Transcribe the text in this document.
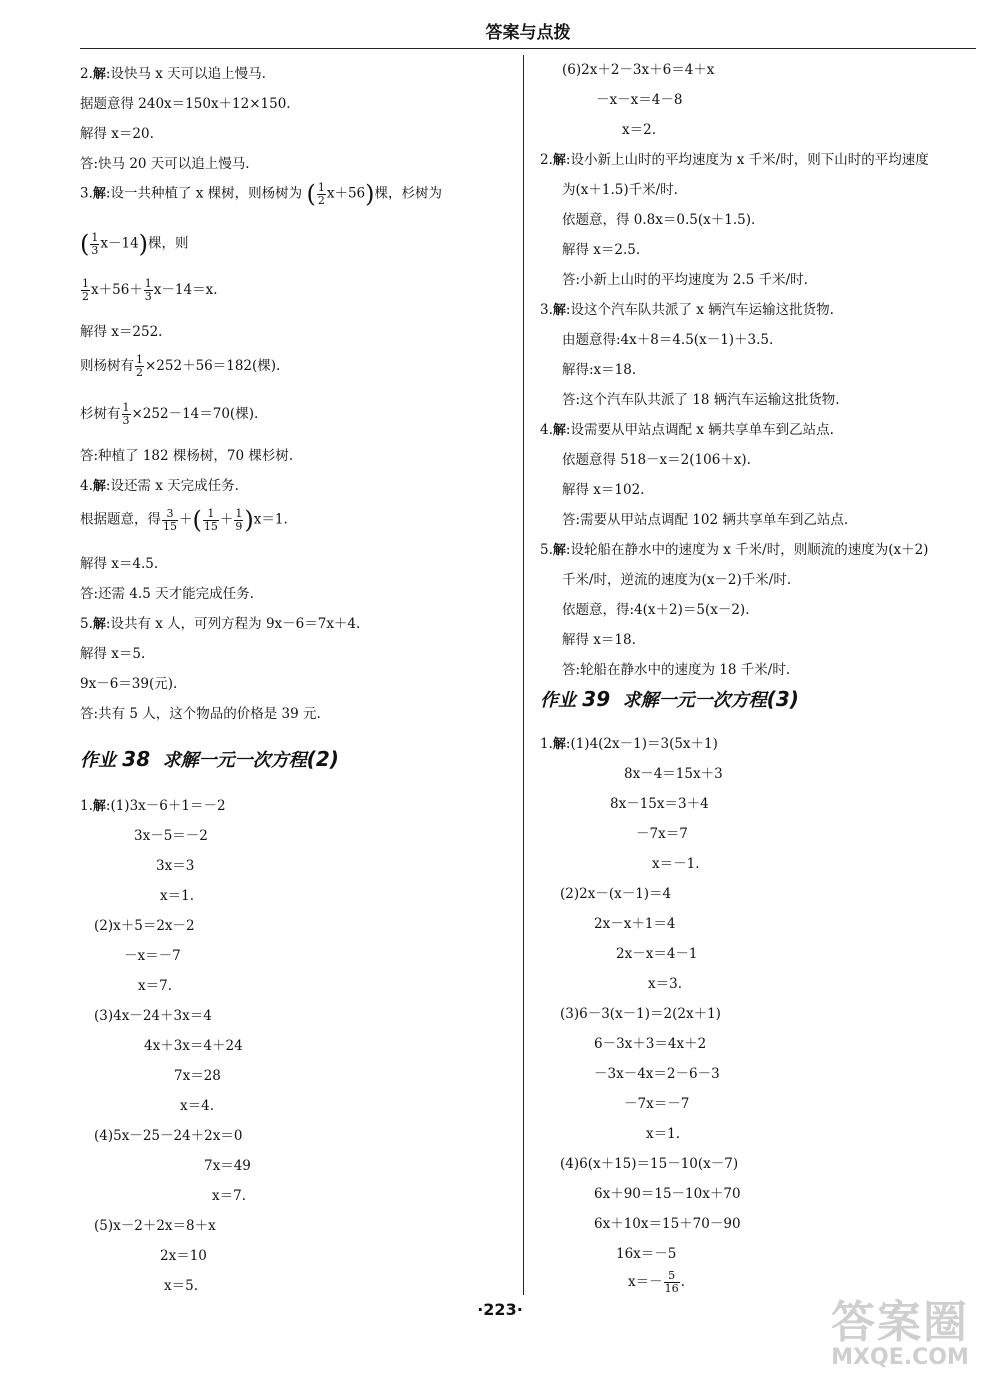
答案与点拨
2.解:设快马 x 天可以追上慢马.
据题意得 240x＝150x＋12×150.
解得 x＝20.
答:快马 20 天可以追上慢马.
3.解:设一共种植了 x 棵树，则杨树为 ( $\frac{1}{2} x+56$)棵，杉树为
( $\frac{1}{3} x-14$)棵，则
$\frac{1}{2} x+56+ \frac{1}{3} x-14=x$.
解得 x＝252.
则杨树有 $\frac{1}{2} \times 252+56=182$(棵).
杉树有 $\frac{1}{3} \times 252-14=70$(棵).
答:种植了 182 棵杨树，70 棵杉树.
4.解:设还需 x 天完成任务.
根据题意，得 $\frac{3}{15}$ ＋( $\frac{1}{15} + \frac{1}{9} )x=1$.
解得 x＝4.5.
答:还需 4.5 天才能完成任务.
5.解:设共有 x 人，可列方程为 9x－6＝7x＋4.
解得 x＝5.
9x－6＝39(元).
答:共有 5 人，这个物品的价格是 39 元.
作业 38 求解一元一次方程(2)
1.解:(1)3x－6＋1＝－2
3x－5＝－2
3x＝3
x＝1.
(2)x＋5＝2x－2
－x＝－7
x＝7.
(3)4x－24＋3x＝4
4x＋3x＝4＋24
7x＝28
x＝4.
(4)5x－25－24＋2x＝0
7x＝49
x＝7.
(5)x－2＋2x＝8＋x
2x＝10
x＝5.
(6)2x＋2－3x＋6＝4＋x
－x－x＝4－8
x＝2.
2.解:设小新上山时的平均速度为 x 千米/时，则下山时的平均速度
为(x＋1.5)千米/时.
依题意，得 0.8x＝0.5(x＋1.5).
解得 x＝2.5.
答:小新上山时的平均速度为 2.5 千米/时.
3.解:设这个汽车队共派了 x 辆汽车运输这批货物.
由题意得:4x＋8＝4.5(x－1)＋3.5.
解得:x＝18.
答:这个汽车队共派了 18 辆汽车运输这批货物.
4.解:设需要从甲站点调配 x 辆共享单车到乙站点.
依题意得 518－x＝2(106＋x).
解得 x＝102.
答:需要从甲站点调配 102 辆共享单车到乙站点.
5.解:设轮船在静水中的速度为 x 千米/时，则顺流的速度为(x＋2)
千米/时，逆流的速度为(x－2)千米/时.
依题意，得:4(x＋2)＝5(x－2).
解得 x＝18.
答:轮船在静水中的速度为 18 千米/时.
作业 39 求解一元一次方程(3)
1.解:(1)4(2x－1)＝3(5x＋1)
8x－4＝15x＋3
8x－15x＝3＋4
－7x＝7
x＝－1.
(2)2x－(x－1)＝4
2x－x＋1＝4
2x－x＝4－1
x＝3.
(3)6－3(x－1)＝2(2x＋1)
6－3x＋3＝4x＋2
－3x－4x＝2－6－3
－7x＝－7
x＝1.
(4)6(x＋15)＝15－10(x－7)
6x＋90＝15－10x＋70
6x＋10x＝15＋70－90
16x＝－5
$x=- \frac{5}{16}$ .
·223·	答案圈
MXQE.COM
